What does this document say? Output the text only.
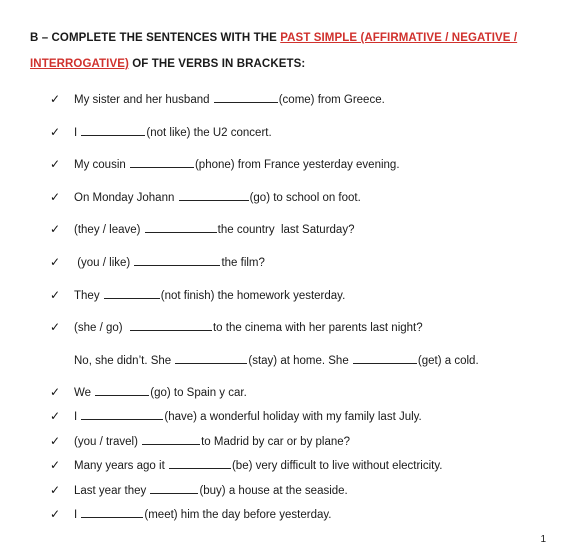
B – COMPLETE THE SENTENCES WITH THE PAST SIMPLE (AFFIRMATIVE / NEGATIVE /
INTERROGATIVE) OF THE VERBS IN BRACKETS:
✓	My sister and her husband	(come) from Greece.
✓	I	(not like) the U2 concert.
✓	My cousin	(phone) from France yesterday evening.
✓	On Monday Johann	(go) to school on foot.
✓	(they / leave)	the country  last Saturday?
✓	(you / like)	the film?
✓	They	(not finish) the homework yesterday.
✓	(she / go)	to the cinema with her parents last night?
No, she didn’t. She	(stay) at home. She	(get) a cold.
✓	We	(go) to Spain y car.
✓	I	(have) a wonderful holiday with my family last July.
✓	(you / travel)	to Madrid by car or by plane?
✓	Many years ago it	(be) very difficult to live without electricity.
✓	Last year they	(buy) a house at the seaside.
✓	I	(meet) him the day before yesterday.
1
